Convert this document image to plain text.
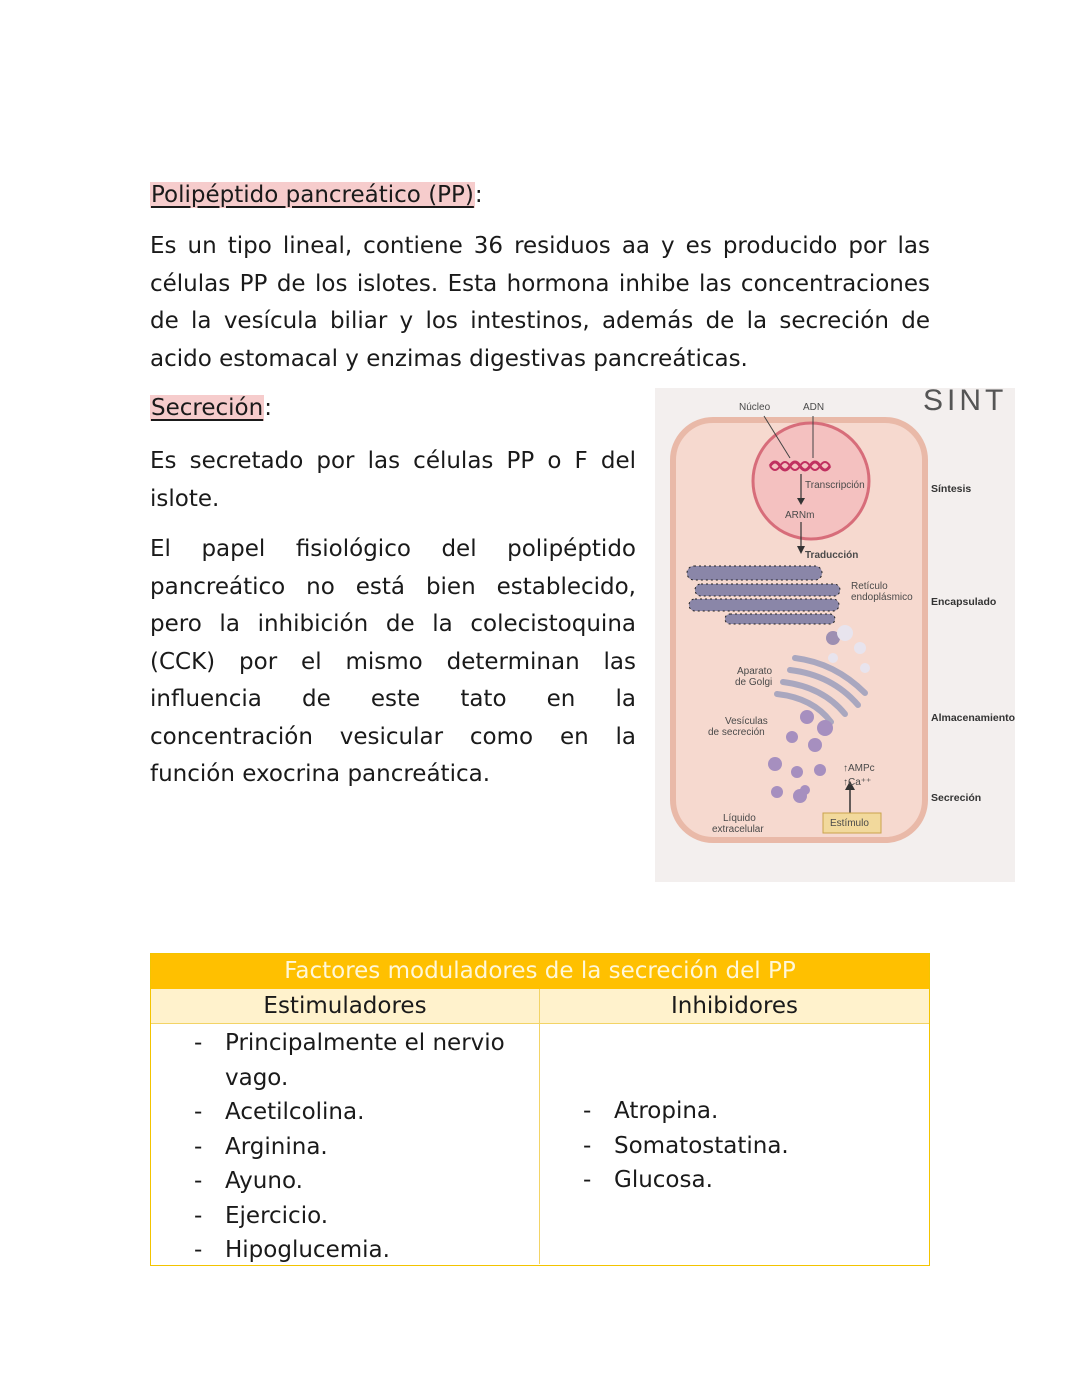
Polipéptido pancreático (PP):

Es un tipo lineal, contiene 36 residuos aa y es producido por las células PP de los islotes. Esta hormona inhibe las concentraciones de la vesícula biliar y los intestinos, además de la secreción de acido estomacal y enzimas digestivas pancreáticas.

Secreción:

Es secretado por las células PP o F del islote.

El papel fisiológico del polipéptido pancreático no está bien establecido, pero la inhibición de la colecistoquina (CCK) por el mismo determinan las influencia de este tato en la concentración vesicular como en la función exocrina pancreática.

SINT
Núcleo	ADN
Transcripción
ARNm
Traducción
Retículo
endoplásmico
Aparato
de Golgi
Vesículas
de secreción
↑Ca⁺⁺
↑AMPc
Líquido
extracelular
Estímulo
Síntesis
Encapsulado
Almacenamiento
Secreción
Factores moduladores de la secreción del PP
Estimuladores	Inhibidores
- Principalmente el nervio vago.
- Acetilcolina.
- Arginina.
- Ayuno.
- Ejercicio.
- Hipoglucemia.
- Atropina.
- Somatostatina.
- Glucosa.
